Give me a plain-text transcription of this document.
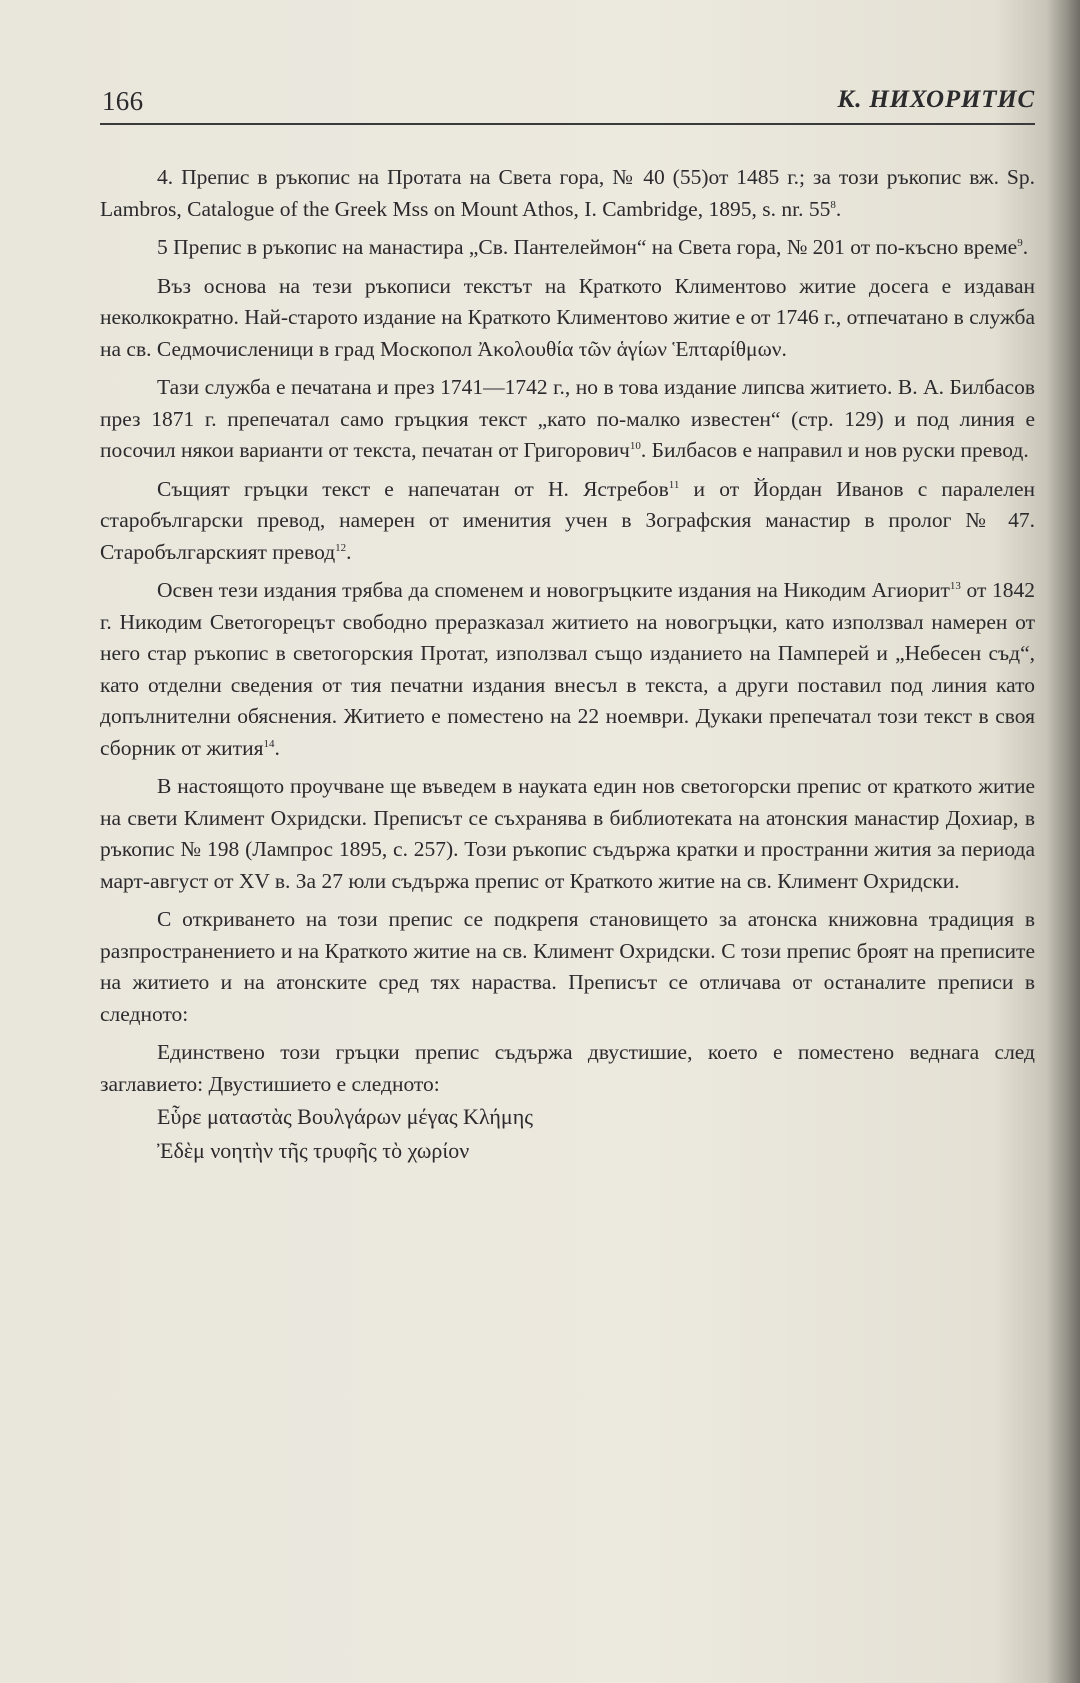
166	К. НИХОРИТИС

4. Препис в ръкопис на Протата на Света гора, № 40 (55)от 1485 г.; за този ръкопис вж. Sp. Lambros, Catalogue of the Greek Mss on Mount Athos, I. Cambridge, 1895, s. nr. $55^8$.

5 Препис в ръкопис на манастира „Св. Пантелеймон“ на Света гора, № 201 от по-късно време$^9$.

Въз основа на тези ръкописи текстът на Краткото Климентово житие досега е издаван неколкократно. Най-старото издание на Краткото Климентово житие е от 1746 г., отпечатано в служба на св. Седмочисленици в град Москопол Ἀκολουθία τῶν ἁγίων Ἑπταρίθμων.

Тази служба е печатана и през 1741—1742 г., но в това издание липсва житието. В. А. Билбасов през 1871 г. препечатал само гръцкия текст „като по-малко известен“ (стр. 129) и под линия е посочил някои варианти от текста, печатан от Григорович$^{10}$. Билбасов е направил и нов руски превод.

Същият гръцки текст е напечатан от Н. Ястребов$^{11}$ и от Йордан Иванов с паралелен старобългарски превод, намерен от именития учен в Зографския манастир в пролог № 47. Старобългарският превод$^{12}$.

Освен тези издания трябва да споменем и новогръцките издания на Никодим Агиорит$^{13}$ от 1842 г. Никодим Светогорецът свободно преразказал житието на новогръцки, като използвал намерен от него стар ръкопис в светогорския Протат, използвал също изданието на Памперей и „Небесен съд“, като отделни сведения от тия печатни издания внесъл в текста, а други поставил под линия като допълнителни обяснения. Житието е поместено на 22 ноември. Дукаки препечатал този текст в своя сборник от жития$^{14}$.

В настоящото проучване ще въведем в науката един нов светогорски препис от краткото житие на свети Климент Охридски. Преписът се съхранява в библиотеката на атонския манастир Дохиар, в ръкопис № 198 (Лампрос 1895, с. 257). Този ръкопис съдържа кратки и пространни жития за периода март-август от XV в. За 27 юли съдържа препис от Краткото житие на св. Климент Охридски.

С откриването на този препис се подкрепя становището за атонска книжовна традиция в разпространението и на Краткото житие на св. Климент Охридски. С този препис броят на преписите на житието и на атонските сред тях нараства. Преписът се отличава от останалите преписи в следното:

Единствено този гръцки препис съдържа двустишие, което е поместено веднага след заглавието: Двустишието е следното:

Εὗρε ματαστὰς Βουλγάρων μέγας Κλήμης
Ἐδὲμ νοητὴν τῆς τρυφῆς τὸ χωρίον
